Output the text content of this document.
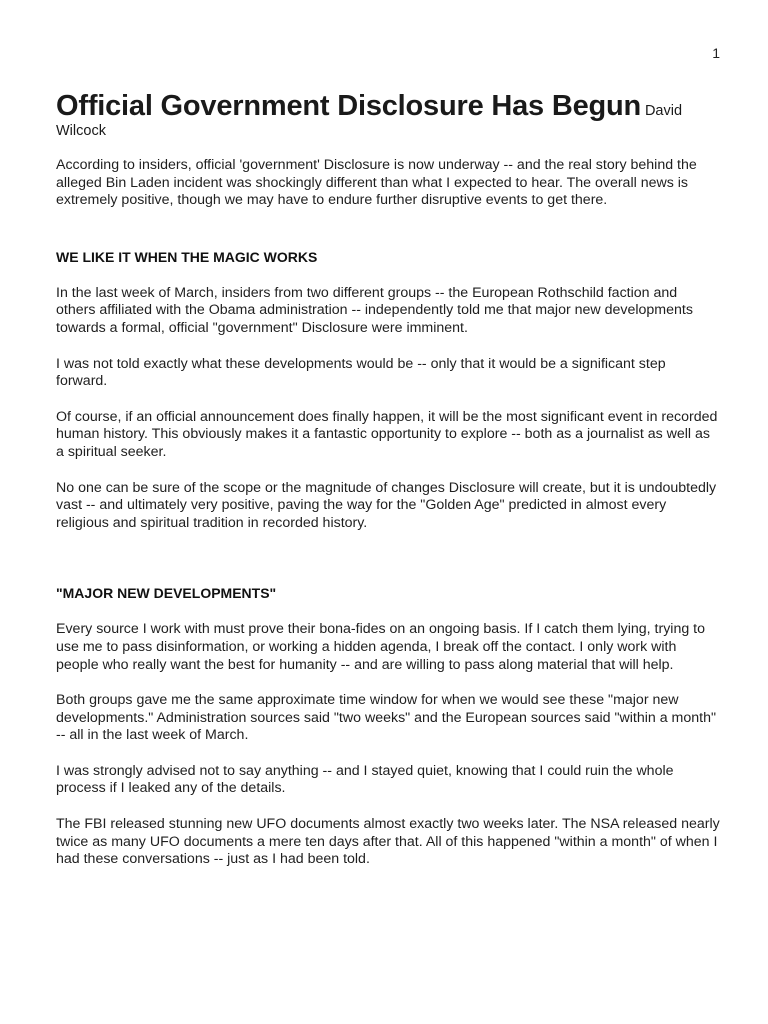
1
Official Government Disclosure Has Begun David

Wilcock

According to insiders, official 'government' Disclosure is now underway -- and the real story behind the alleged Bin Laden incident was shockingly different than what I expected to hear. The overall news is extremely positive, though we may have to endure further disruptive events to get there.

WE LIKE IT WHEN THE MAGIC WORKS

In the last week of March, insiders from two different groups -- the European Rothschild faction and others affiliated with the Obama administration -- independently told me that major new developments towards a formal, official "government" Disclosure were imminent.

I was not told exactly what these developments would be -- only that it would be a significant step forward.

Of course, if an official announcement does finally happen, it will be the most significant event in recorded human history. This obviously makes it a fantastic opportunity to explore -- both as a journalist as well as a spiritual seeker.

No one can be sure of the scope or the magnitude of changes Disclosure will create, but it is undoubtedly vast -- and ultimately very positive, paving the way for the "Golden Age" predicted in almost every religious and spiritual tradition in recorded history.

"MAJOR NEW DEVELOPMENTS"

Every source I work with must prove their bona-fides on an ongoing basis. If I catch them lying, trying to use me to pass disinformation, or working a hidden agenda, I break off the contact. I only work with people who really want the best for humanity -- and are willing to pass along material that will help.

Both groups gave me the same approximate time window for when we would see these "major new developments." Administration sources said "two weeks" and the European sources said "within a month" -- all in the last week of March.

I was strongly advised not to say anything -- and I stayed quiet, knowing that I could ruin the whole process if I leaked any of the details.

The FBI released stunning new UFO documents almost exactly two weeks later. The NSA released nearly twice as many UFO documents a mere ten days after that. All of this happened "within a month" of when I had these conversations -- just as I had been told.
